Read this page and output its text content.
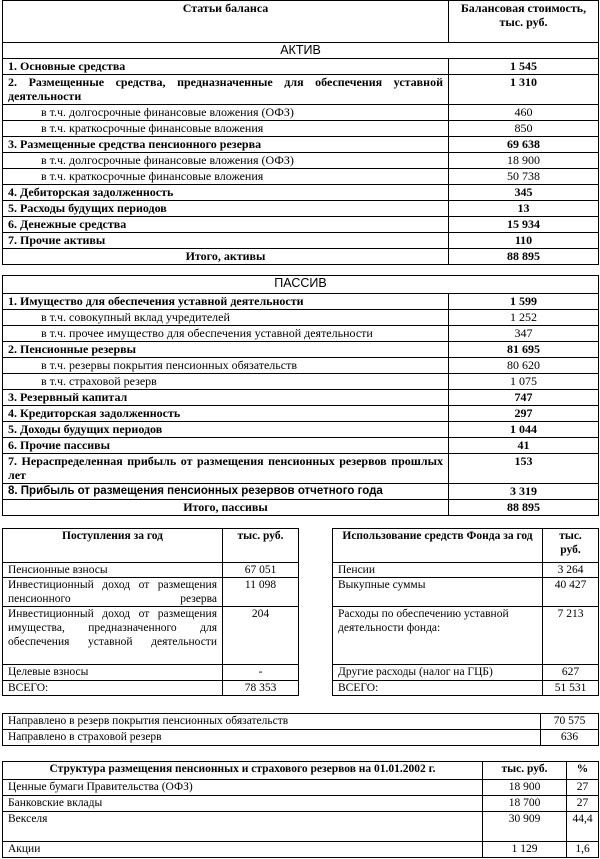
Статьи баланса	Балансовая стоимость, тыс. руб.
АКТИВ	
1. Основные средства	1 545
2. Размещенные средства, предназначенные для обеспечения уставной деятельности	1 310
в т.ч. долгосрочные финансовые вложения (ОФЗ)	460
в т.ч. краткосрочные финансовые вложения	850
3. Размещенные средства пенсионного резерва	69 638
в т.ч. долгосрочные финансовые вложения (ОФЗ)	18 900
в т.ч. краткосрочные финансовые вложения	50 738
4. Дебиторская задолженность	345
5. Расходы будущих периодов	13
6. Денежные средства	15 934
7. Прочие активы	110
Итого, активы	88 895

ПАССИВ	
1. Имущество для обеспечения уставной деятельности	1 599
в т.ч. совокупный вклад учредителей	1 252
в т.ч. прочее имущество для обеспечения уставной деятельности	347
2. Пенсионные резервы	81 695
в т.ч. резервы покрытия пенсионных обязательств	80 620
в т.ч. страховой резерв	1 075
3. Резервный капитал	747
4. Кредиторская задолженность	297
5. Доходы будущих периодов	1 044
6. Прочие пассивы	41
7. Нераспределенная прибыль от размещения пенсионных резервов прошлых лет	153
8. Прибыль от размещения пенсионных резервов отчетного года	3 319
Итого, пассивы	88 895
Поступления за год	тыс. руб.
Пенсионные взносы	67 051
Инвестиционный доход от размещения пенсионного резерва	11 098
Инвестиционный доход от размещения имущества, предназначенного для обеспечения уставной деятельности	204
Целевые взносы	-
ВСЕГО:	78 353
Использование средств Фонда за год	тыс. руб.
Пенсии	3 264
Выкупные суммы	40 427
Расходы по обеспечению уставной деятельности фонда:	7 213
Другие расходы (налог на ГЦБ)	627
ВСЕГО:	51 531
Направлено в резерв покрытия пенсионных обязательств	70 575
Направлено в страховой резерв	636
Структура размещения пенсионных и страхового резервов на 01.01.2002 г.	тыс. руб.	%
Ценные бумаги Правительства (ОФЗ)	18 900	27
Банковские вклады	18 700	27
Векселя	30 909	44,4
Акции	1 129	1,6
